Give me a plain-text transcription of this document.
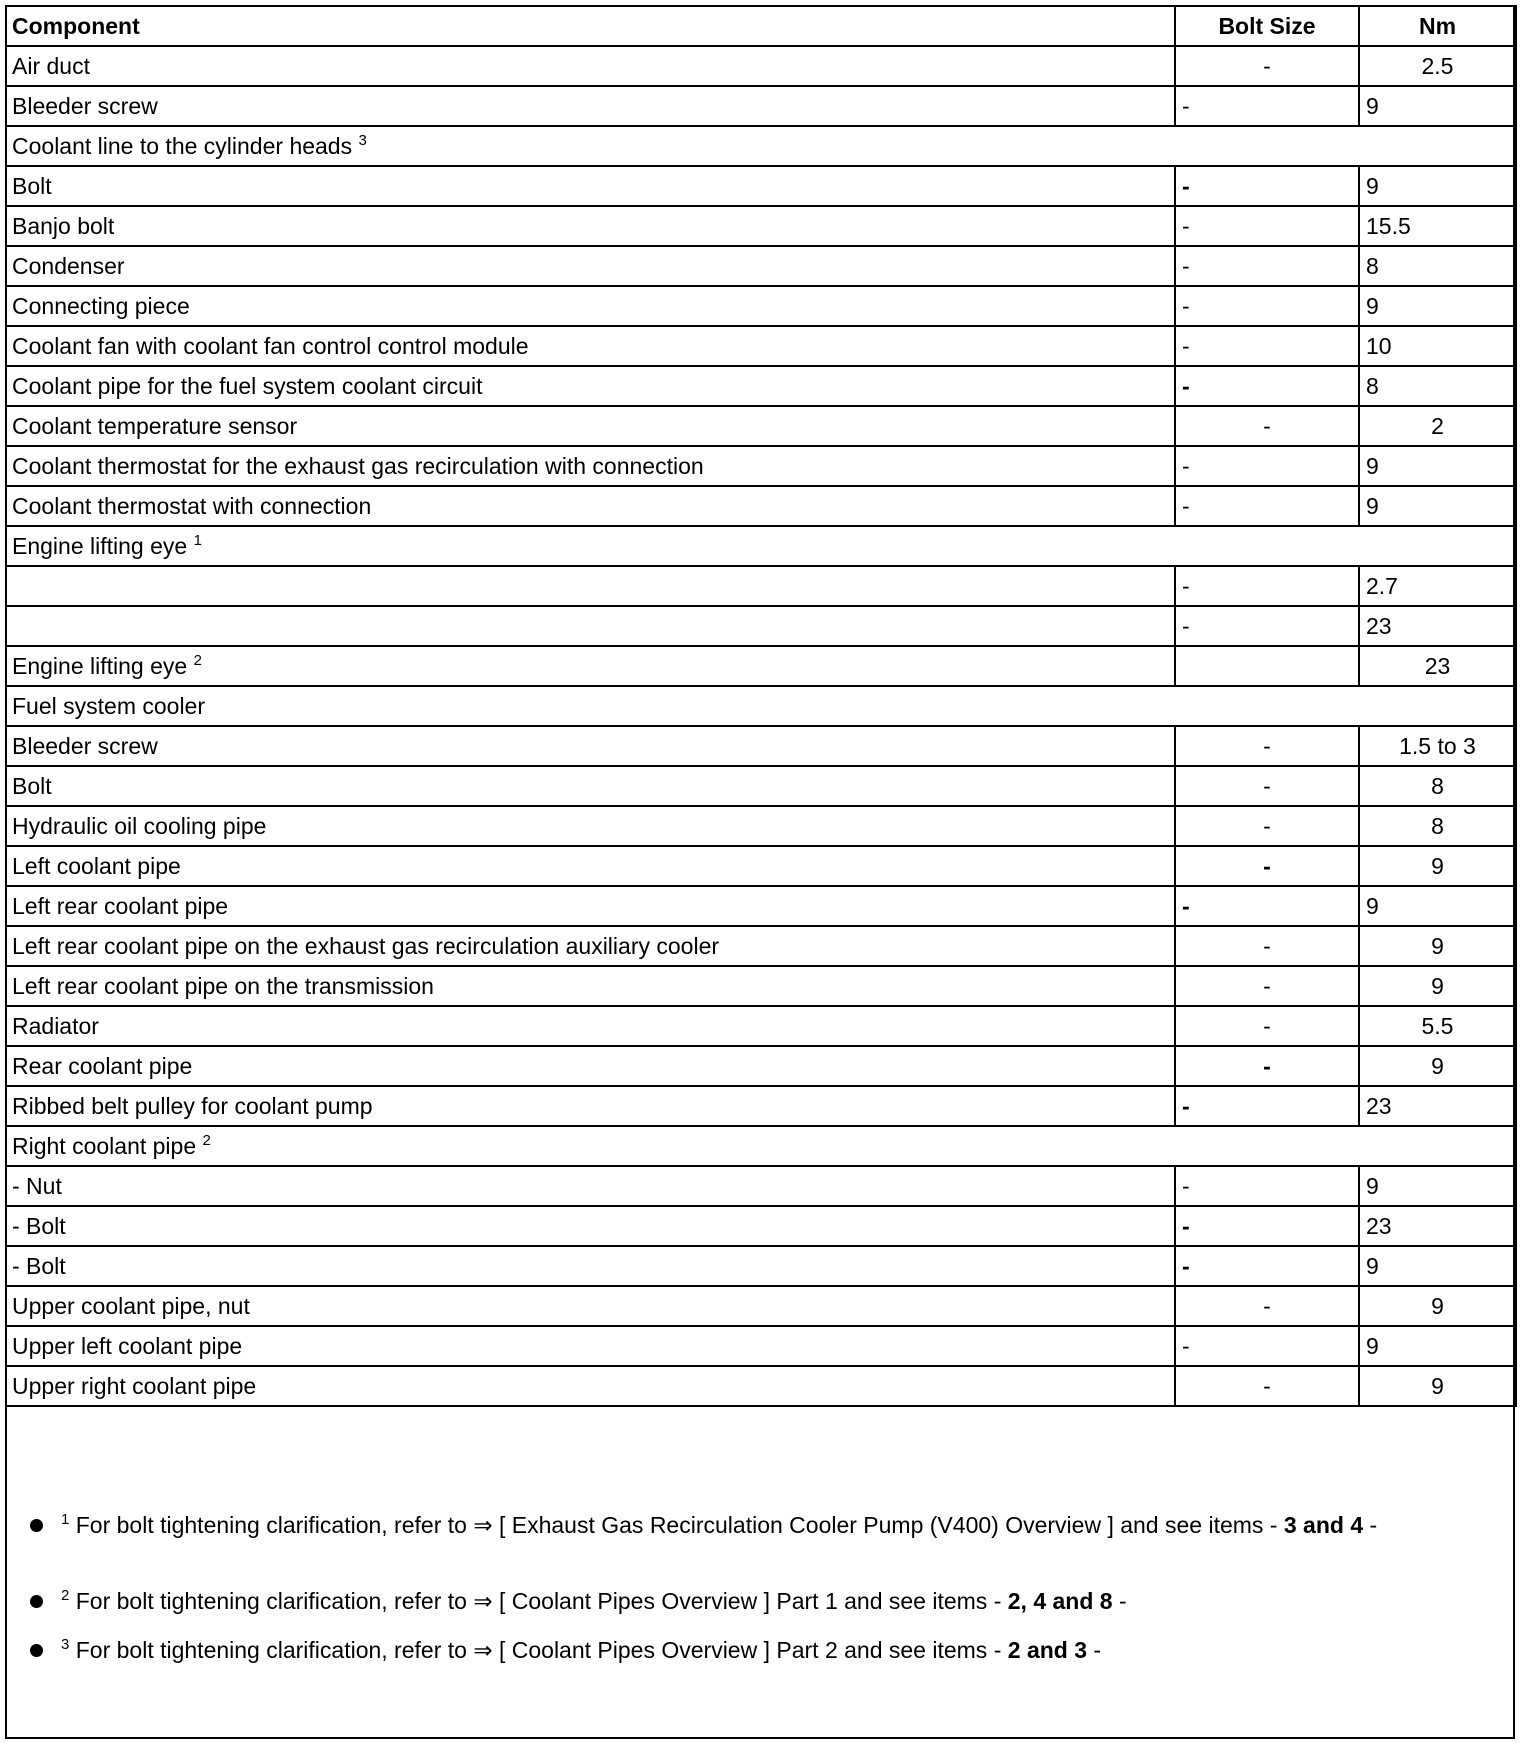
Component	Bolt Size	Nm
Air duct	-	2.5
Bleeder screw	-	9
Coolant line to the cylinder heads $^3$
Bolt	-	9
Banjo bolt	-	15.5
Condenser	-	8
Connecting piece	-	9
Coolant fan with coolant fan control control module	-	10
Coolant pipe for the fuel system coolant circuit	-	8
Coolant temperature sensor	-	2
Coolant thermostat for the exhaust gas recirculation with connection	-	9
Coolant thermostat with connection	-	9
Engine lifting eye $^1$
	-	2.7
	-	23
Engine lifting eye $^2$		23
Fuel system cooler		
Bleeder screw	-	1.5 to 3
Bolt	-	8
Hydraulic oil cooling pipe	-	8
Left coolant pipe	-	9
Left rear coolant pipe	-	9
Left rear coolant pipe on the exhaust gas recirculation auxiliary cooler	-	9
Left rear coolant pipe on the transmission	-	9
Radiator	-	5.5
Rear coolant pipe	-	9
Ribbed belt pulley for coolant pump	-	23
Right coolant pipe $^2$
- Nut	-	9
- Bolt	-	23
- Bolt	-	9
Upper coolant pipe, nut	-	9
Upper left coolant pipe	-	9
Upper right coolant pipe	-	9
$^1$ For bolt tightening clarification, refer to ⇒ [ Exhaust Gas Recirculation Cooler Pump (V400) Overview ] and see items - 3 and 4 -
$^2$ For bolt tightening clarification, refer to ⇒ [ Coolant Pipes Overview ] Part 1 and see items - 2, 4 and 8 -
$^3$ For bolt tightening clarification, refer to ⇒ [ Coolant Pipes Overview ] Part 2 and see items - 2 and 3 -
